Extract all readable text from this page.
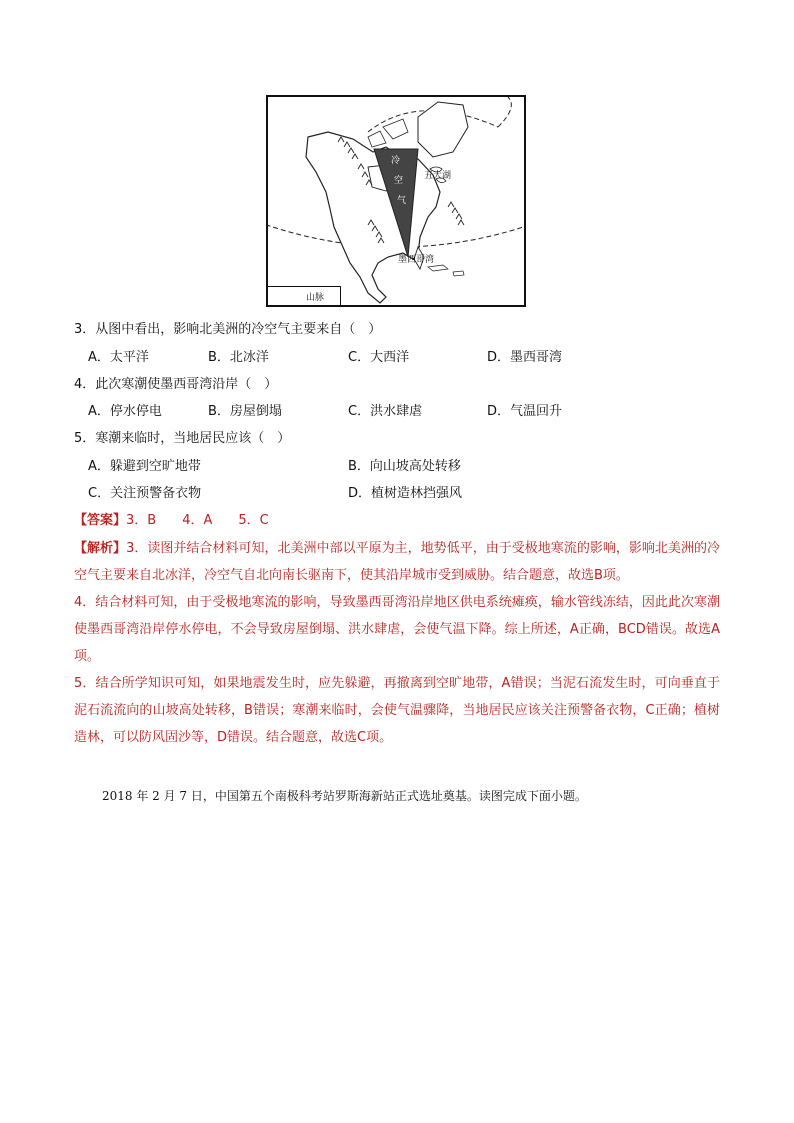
冷
空
气
五大湖
墨西哥湾
山脉
3．从图中看出，影响北美洲的冷空气主要来自（　）
A．太平洋	B．北冰洋	C．大西洋	D．墨西哥湾
4．此次寒潮使墨西哥湾沿岸（　）
A．停水停电	B．房屋倒塌	C．洪水肆虐	D．气温回升
5．寒潮来临时，当地居民应该（　）
A．躲避到空旷地带	B．向山坡高处转移
C．关注预警备衣物	D．植树造林挡强风
【答案】3．B　　4．A　　5．C

【解析】3．读图并结合材料可知，北美洲中部以平原为主，地势低平，由于受极地寒流的影响，影响北美洲的冷空气主要来自北冰洋，冷空气自北向南长驱南下，使其沿岸城市受到威胁。结合题意，故选B项。

4．结合材料可知，由于受极地寒流的影响，导致墨西哥湾沿岸地区供电系统瘫痪，输水管线冻结，因此此次寒潮使墨西哥湾沿岸停水停电，不会导致房屋倒塌、洪水肆虐，会使气温下降。综上所述，A正确，BCD错误。故选A项。

5．结合所学知识可知，如果地震发生时，应先躲避，再撤离到空旷地带，A错误；当泥石流发生时，可向垂直于泥石流流向的山坡高处转移，B错误；寒潮来临时，会使气温骤降，当地居民应该关注预警备衣物，C正确；植树造林，可以防风固沙等，D错误。结合题意，故选C项。

2018 年 2 月 7 日，中国第五个南极科考站罗斯海新站正式选址奠基。读图完成下面小题。
